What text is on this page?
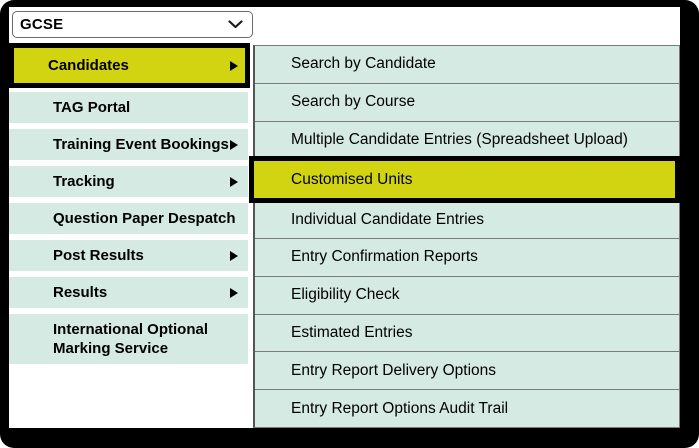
GCSE
Candidates
TAG Portal
Training Event Bookings
Tracking
Question Paper Despatch
Post Results
Results
International Optional Marking Service
Search by Candidate
Search by Course
Multiple Candidate Entries (Spreadsheet Upload)
Customised Units
Individual Candidate Entries
Entry Confirmation Reports
Eligibility Check
Estimated Entries
Entry Report Delivery Options
Entry Report Options Audit Trail
